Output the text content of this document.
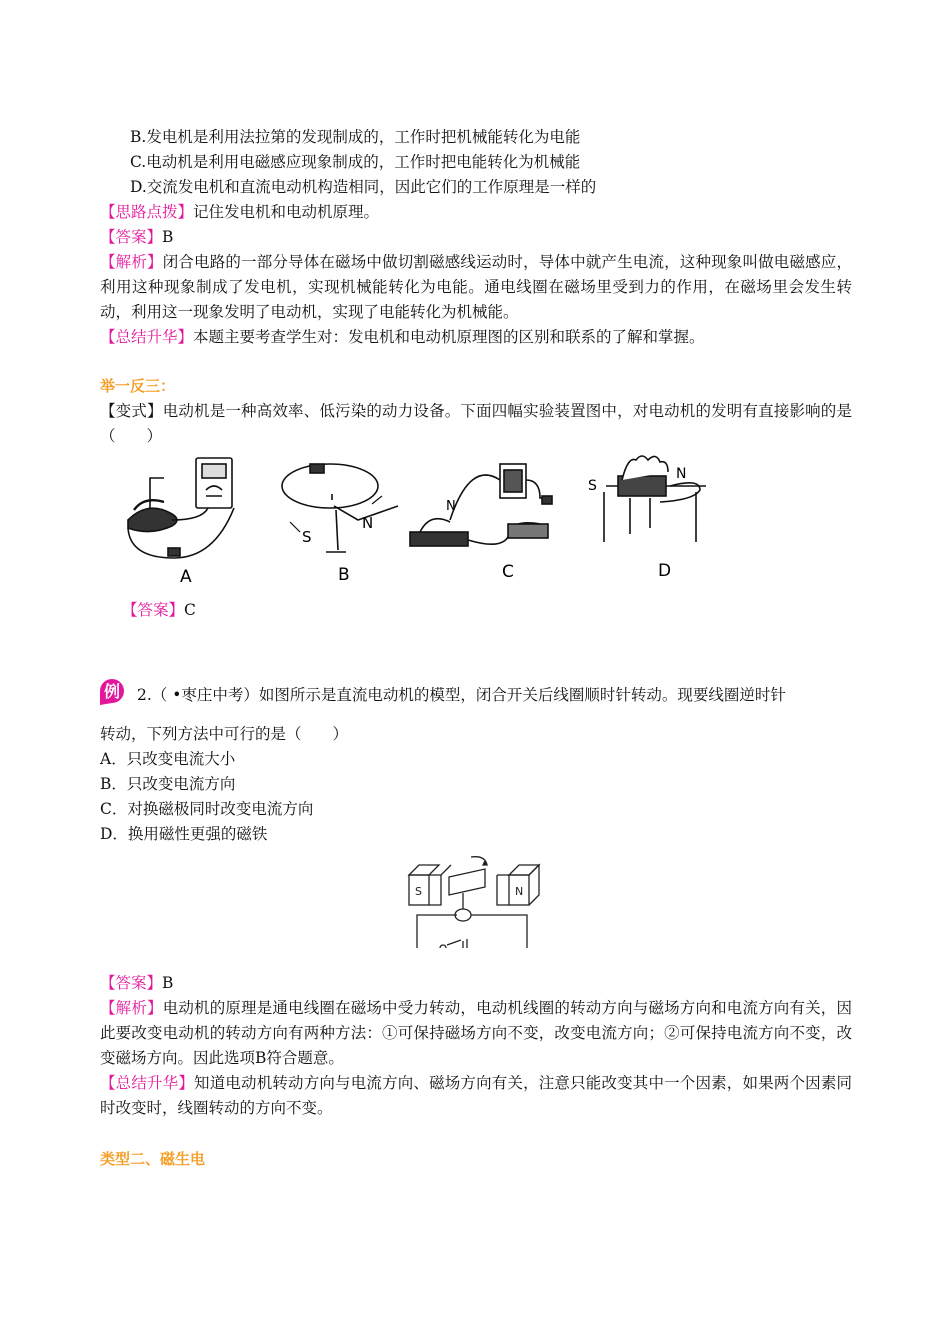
B.发电机是利用法拉第的发现制成的，工作时把机械能转化为电能
C.电动机是利用电磁感应现象制成的，工作时把电能转化为机械能
D.交流发电机和直流电动机构造相同，因此它们的工作原理是一样的
【思路点拨】记住发电机和电动机原理。
【答案】B
【解析】闭合电路的一部分导体在磁场中做切割磁感线运动时，导体中就产生电流，这种现象叫做电磁感应，利用这种现象制成了发电机，实现机械能转化为电能。通电线圈在磁场里受到力的作用，在磁场里会发生转动，利用这一现象发明了电动机，实现了电能转化为机械能。
【总结升华】本题主要考查学生对：发电机和电动机原理图的区别和联系的了解和掌握。
举一反三：
【变式】电动机是一种高效率、低污染的动力设备。下面四幅实验装置图中，对电动机的发明有直接影响的是（　　）
A
S
N
B
N
C
S
N
D
【答案】C
例 2.（ •枣庄中考）如图所示是直流电动机的模型，闭合开关后线圈顺时针转动。现要线圈逆时针
转动，下列方法中可行的是（　　）
A．只改变电流大小
B．只改变电流方向
C．对换磁极同时改变电流方向
D．换用磁性更强的磁铁
S	N
【答案】B
【解析】电动机的原理是通电线圈在磁场中受力转动，电动机线圈的转动方向与磁场方向和电流方向有关，因此要改变电动机的转动方向有两种方法：①可保持磁场方向不变，改变电流方向；②可保持电流方向不变，改变磁场方向。因此选项B符合题意。
【总结升华】知道电动机转动方向与电流方向、磁场方向有关，注意只能改变其中一个因素，如果两个因素同时改变时，线圈转动的方向不变。
类型二、磁生电
